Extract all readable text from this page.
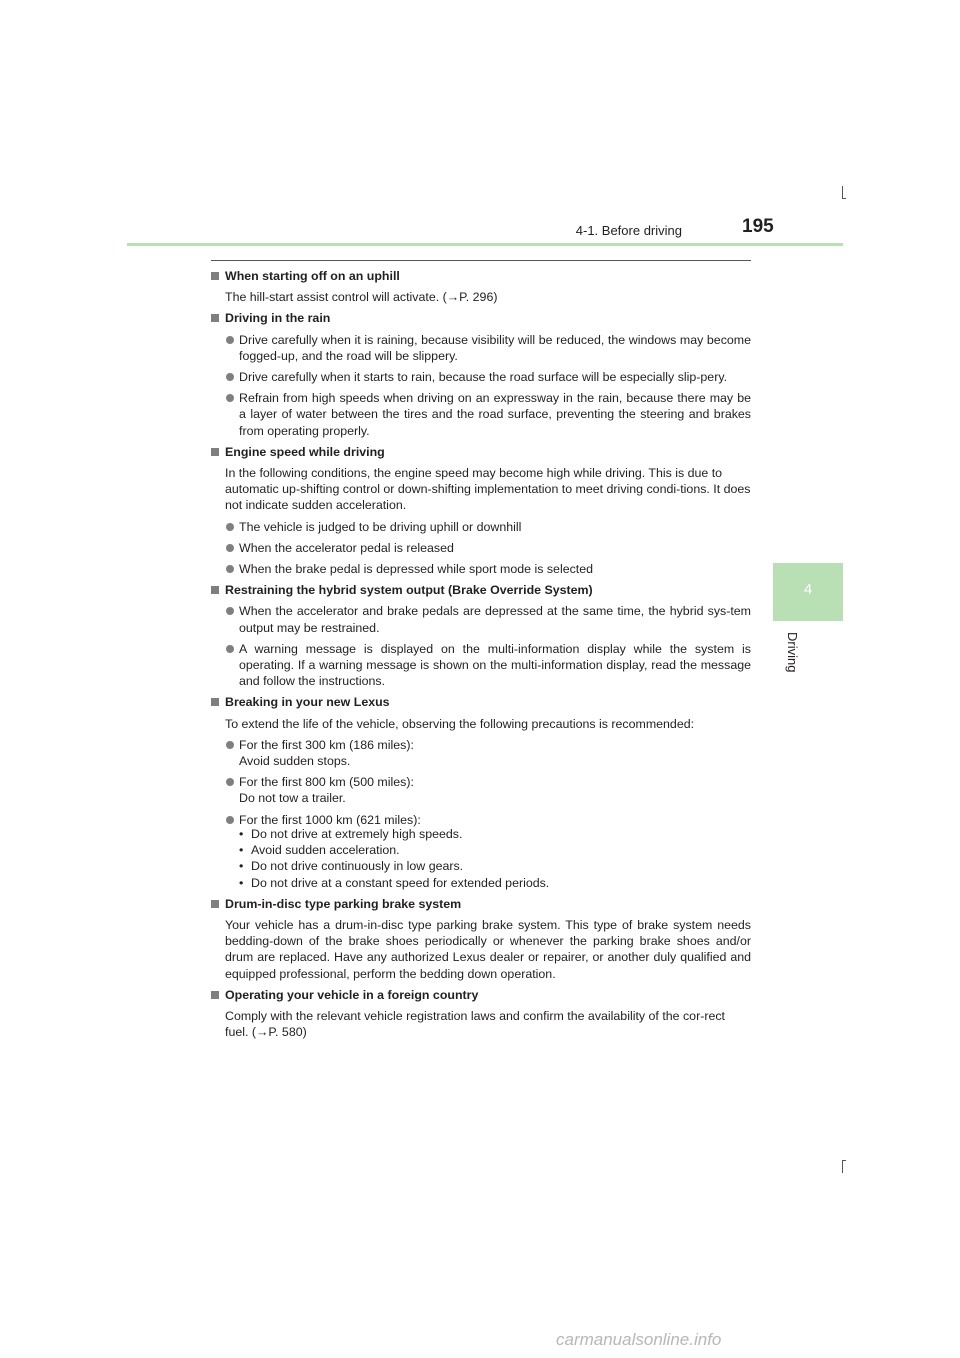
4-1. Before driving	195
4
Driving

When starting off on an uphill

The hill-start assist control will activate. (→P. 296)

Driving in the rain

Drive carefully when it is raining, because visibility will be reduced, the windows may become fogged-up, and the road will be slippery.
Drive carefully when it starts to rain, because the road surface will be especially slip-pery.
Refrain from high speeds when driving on an expressway in the rain, because there may be a layer of water between the tires and the road surface, preventing the steering and brakes from operating properly.

Engine speed while driving

In the following conditions, the engine speed may become high while driving. This is due to automatic up-shifting control or down-shifting implementation to meet driving condi-tions. It does not indicate sudden acceleration.

The vehicle is judged to be driving uphill or downhill
When the accelerator pedal is released
When the brake pedal is depressed while sport mode is selected

Restraining the hybrid system output (Brake Override System)

When the accelerator and brake pedals are depressed at the same time, the hybrid sys-tem output may be restrained.
A warning message is displayed on the multi-information display while the system is operating. If a warning message is shown on the multi-information display, read the message and follow the instructions.

Breaking in your new Lexus

To extend the life of the vehicle, observing the following precautions is recommended:

For the first 300 km (186 miles):
Avoid sudden stops.
For the first 800 km (500 miles):
Do not tow a trailer.
For the first 1000 km (621 miles):
• Do not drive at extremely high speeds.
• Avoid sudden acceleration.
• Do not drive continuously in low gears.
• Do not drive at a constant speed for extended periods.

Drum-in-disc type parking brake system

Your vehicle has a drum-in-disc type parking brake system. This type of brake system needs bedding-down of the brake shoes periodically or whenever the parking brake shoes and/or drum are replaced. Have any authorized Lexus dealer or repairer, or another duly qualified and equipped professional, perform the bedding down operation.

Operating your vehicle in a foreign country

Comply with the relevant vehicle registration laws and confirm the availability of the cor-rect fuel. (→P. 580)

carmanualsonline.info
